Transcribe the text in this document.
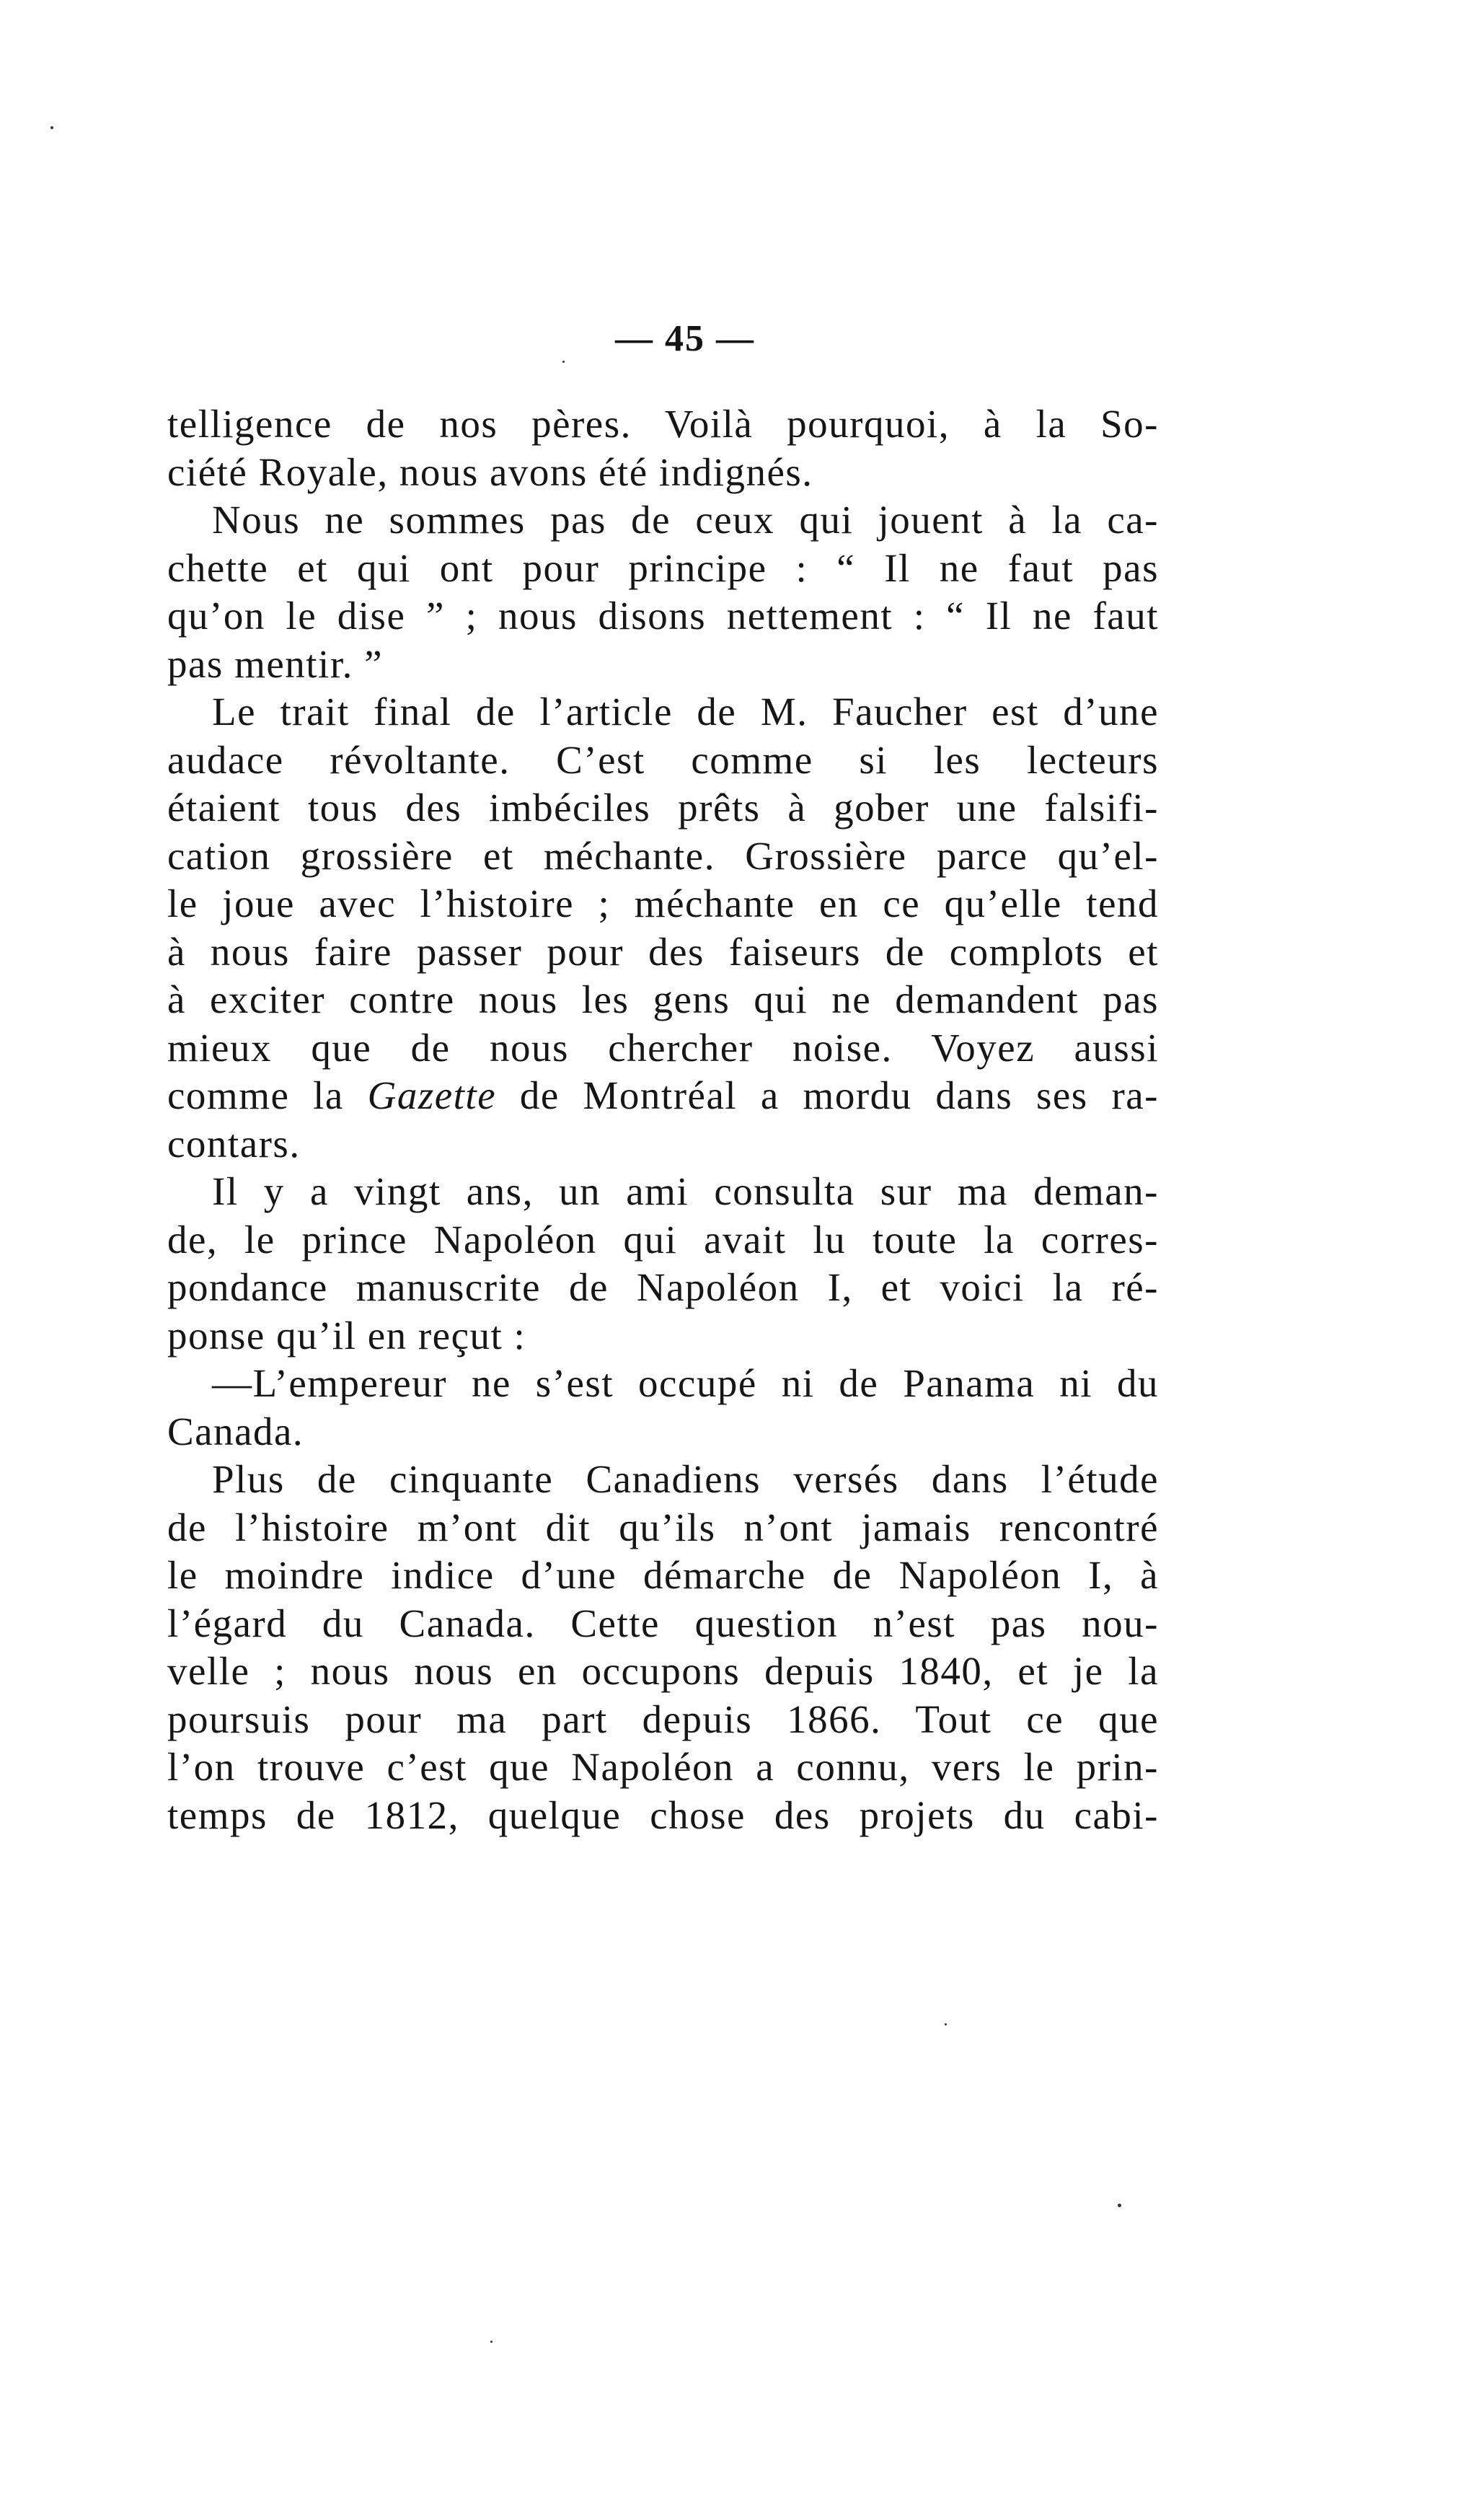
— 45 —
telligence de nos pères. Voilà pourquoi, à la So-
ciété Royale, nous avons été indignés.
Nous ne sommes pas de ceux qui jouent à la ca-
chette et qui ont pour principe : “ Il ne faut pas
qu’on le dise ” ; nous disons nettement : “ Il ne faut
pas mentir. ”
Le trait final de l’article de M. Faucher est d’une
audace révoltante. C’est comme si les lecteurs
étaient tous des imbéciles prêts à gober une falsifi-
cation grossière et méchante. Grossière parce qu’el-
le joue avec l’histoire ; méchante en ce qu’elle tend
à nous faire passer pour des faiseurs de complots et
à exciter contre nous les gens qui ne demandent pas
mieux que de nous chercher noise. Voyez aussi
comme la Gazette de Montréal a mordu dans ses ra-
contars.
Il y a vingt ans, un ami consulta sur ma deman-
de, le prince Napoléon qui avait lu toute la corres-
pondance manuscrite de Napoléon I, et voici la ré-
ponse qu’il en reçut :
—L’empereur ne s’est occupé ni de Panama ni du
Canada.
Plus de cinquante Canadiens versés dans l’étude
de l’histoire m’ont dit qu’ils n’ont jamais rencontré
le moindre indice d’une démarche de Napoléon I, à
l’égard du Canada. Cette question n’est pas nou-
velle ; nous nous en occupons depuis 1840, et je la
poursuis pour ma part depuis 1866. Tout ce que
l’on trouve c’est que Napoléon a connu, vers le prin-
temps de 1812, quelque chose des projets du cabi-
